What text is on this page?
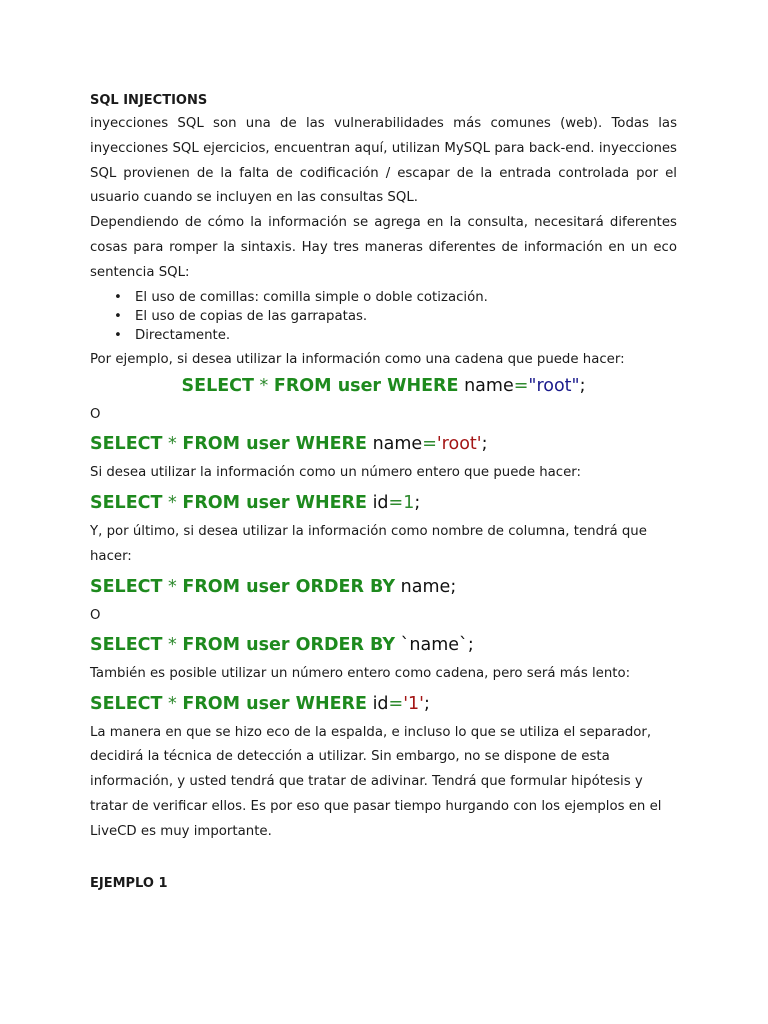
SQL INJECTIONS

inyecciones SQL son una de las vulnerabilidades más comunes (web). Todas las inyecciones SQL ejercicios, encuentran aquí, utilizan MySQL para back-end. inyecciones SQL provienen de la falta de codificación / escapar de la entrada controlada por el usuario cuando se incluyen en las consultas SQL.

Dependiendo de cómo la información se agrega en la consulta, necesitará diferentes cosas para romper la sintaxis. Hay tres maneras diferentes de información en un eco sentencia SQL:

• El uso de comillas: comilla simple o doble cotización.
• El uso de copias de las garrapatas.
• Directamente.

Por ejemplo, si desea utilizar la información como una cadena que puede hacer:

SELECT * FROM user WHERE name="root";

O

SELECT * FROM user WHERE name='root';

Si desea utilizar la información como un número entero que puede hacer:

SELECT * FROM user WHERE id=1;

Y, por último, si desea utilizar la información como nombre de columna, tendrá que hacer:

SELECT * FROM user ORDER BY name;

O

SELECT * FROM user ORDER BY `name`;

También es posible utilizar un número entero como cadena, pero será más lento:

SELECT * FROM user WHERE id='1';

La manera en que se hizo eco de la espalda, e incluso lo que se utiliza el separador, decidirá la técnica de detección a utilizar. Sin embargo, no se dispone de esta información, y usted tendrá que tratar de adivinar. Tendrá que formular hipótesis y tratar de verificar ellos. Es por eso que pasar tiempo hurgando con los ejemplos en el LiveCD es muy importante.

EJEMPLO 1
